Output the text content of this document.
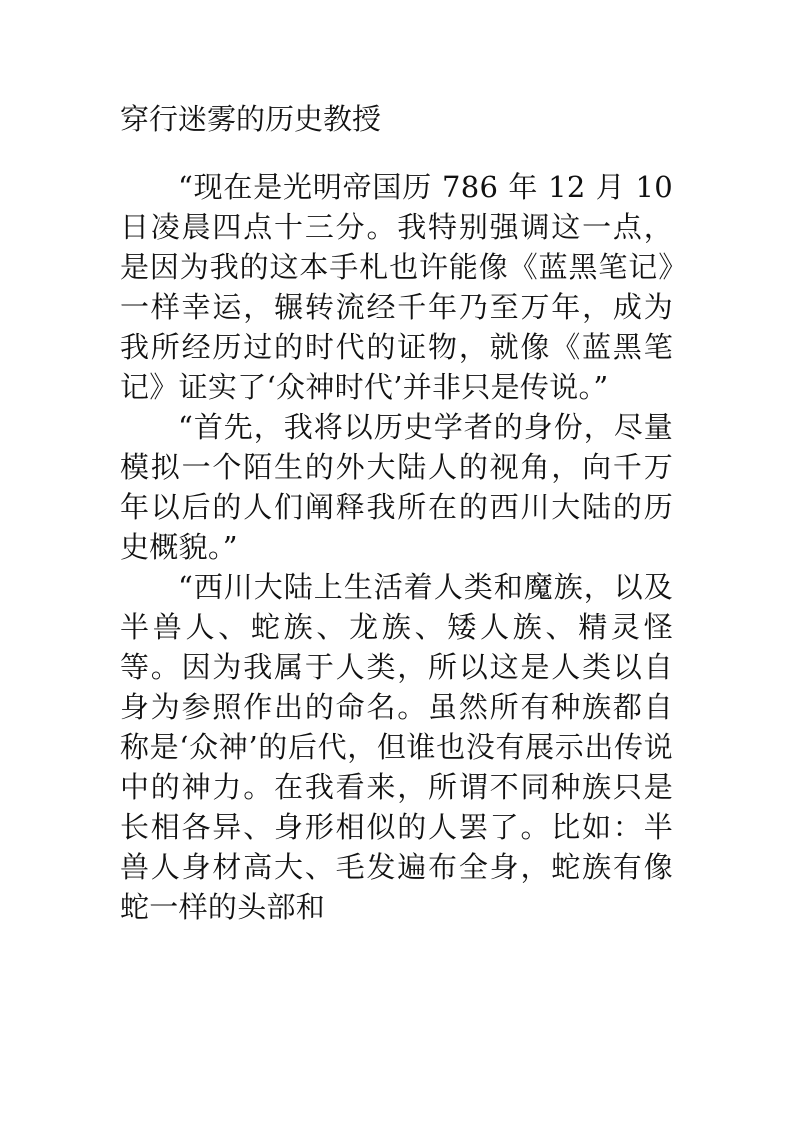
穿行迷雾的历史教授

“现在是光明帝国历 786 年 12 月 10 日凌晨四点十三分。我特别强调这一点，是因为我的这本手札也许能像《蓝黑笔记》一样幸运，辗转流经千年乃至万年，成为我所经历过的时代的证物，就像《蓝黑笔记》证实了‘众神时代’并非只是传说。”

“首先，我将以历史学者的身份，尽量模拟一个陌生的外大陆人的视角，向千万年以后的人们阐释我所在的西川大陆的历史概貌。”

“西川大陆上生活着人类和魔族，以及半兽人、蛇族、龙族、矮人族、精灵怪等。因为我属于人类，所以这是人类以自身为参照作出的命名。虽然所有种族都自称是‘众神’的后代，但谁也没有展示出传说中的神力。在我看来，所谓不同种族只是长相各异、身形相似的人罢了。比如：半兽人身材高大、毛发遍布全身，蛇族有像蛇一样的头部和
